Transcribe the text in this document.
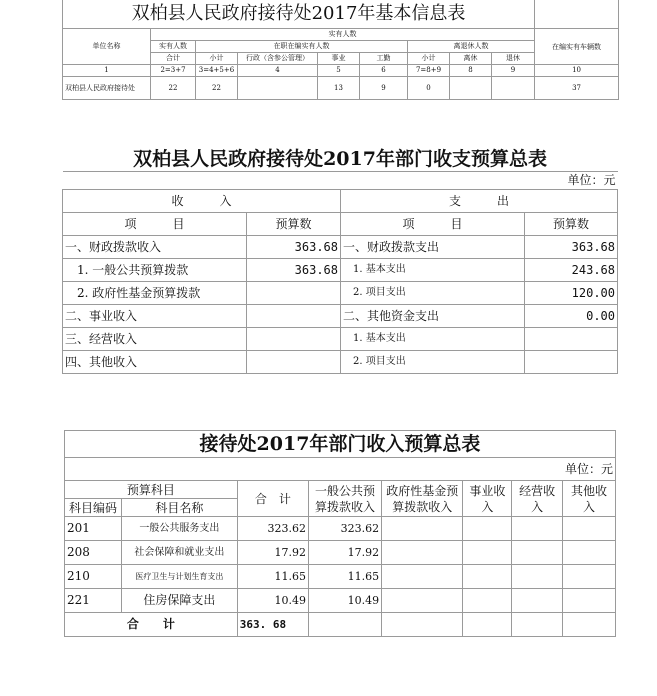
双柏县人民政府接待处2017年基本信息表									
单位名称	实有人数								在编实有车辆数
	实有人数	在职在编实有人数				离退休人数			
	合计	小计	行政（含参公管理）	事业	工勤	小计	离休	退休	
1	2=3+7	3=4+5+6	4	5	6	7=8+9	8	9	10
双柏县人民政府接待处	22	22		13	9	0			37
双柏县人民政府接待处2017年部门收支预算总表			
单位：元			
收　　　入		支　　　出	
项　　　目	预算数	项　　　目	预算数
一、财政拨款收入	363.68	一、财政拨款支出	363.68
　1. 一般公共预算拨款	363.68	　1. 基本支出	243.68
　2. 政府性基金预算拨款		　2. 项目支出	120.00
二、事业收入		二、其他资金支出	0.00
三、经营收入		　1. 基本支出	
四、其他收入		　2. 项目支出	
接待处2017年部门收入预算总表							
单位：元							
预算科目		合　计	一般公共预算拨款收入	政府性基金预算拨款收入	事业收入	经营收入	其他收入
科目编码	科目名称						
201	一般公共服务支出	323.62	323.62				
208	社会保障和就业支出	17.92	17.92				
210	医疗卫生与计划生育支出	11.65	11.65				
221	住房保障支出	10.49	10.49				
合　　计		363. 68					
